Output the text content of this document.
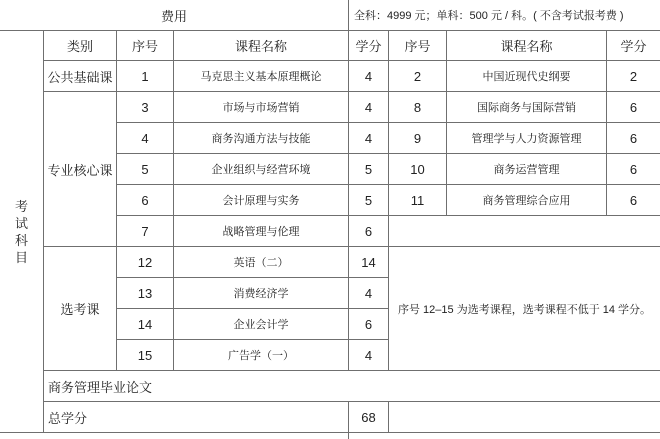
费用				全科：4999 元；单科：500 元 / 科。( 不含考试报考费 )			

考
试
科
目	类别	序号	课程名称	学分	序号	课程名称	学分
	公共基础课	1	马克思主义基本原理概论	4	2	中国近现代史纲要	2
	专业核心课	3	市场与市场营销	4	8	国际商务与国际营销	6
		4	商务沟通方法与技能	4	9	管理学与人力资源管理	6
		5	企业组织与经营环境	5	10	商务运营管理	6
		6	会计原理与实务	5	11	商务管理综合应用	6
		7	战略管理与伦理	6			
	选考课	12	英语（二）	14	序号 12–15 为选考课程，选考课程不低于 14 学分。		
		13	消费经济学	4			
		14	企业会计学	6			
		15	广告学（一）	4			
	商务管理毕业论文						
	总学分			68			
